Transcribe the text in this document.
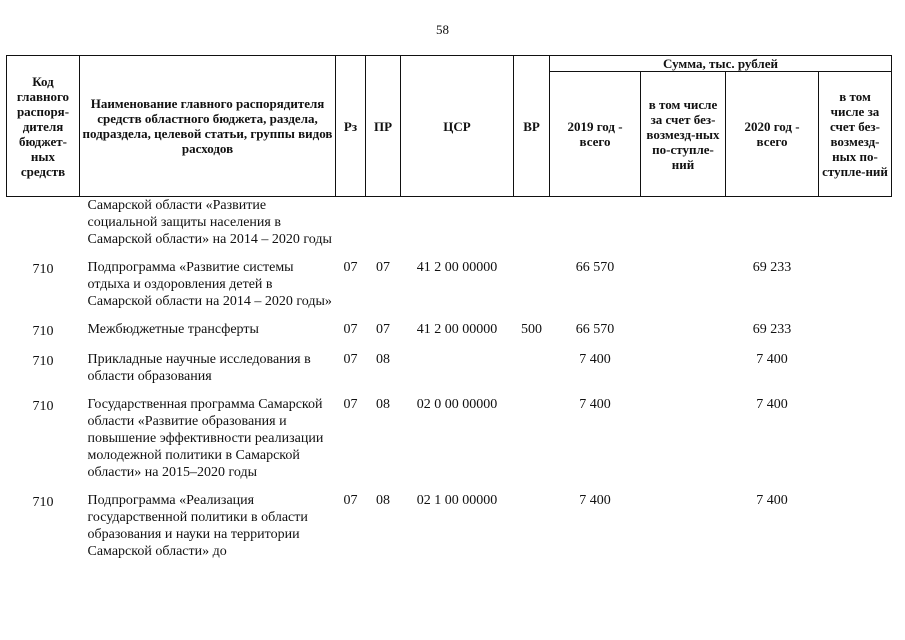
58
Код главного распоря-дителя бюджет-ных средств	Наименование главного распорядителя средств областного бюджета, раздела, подраздела, целевой статьи, группы видов расходов	Рз	ПР	ЦСР	ВР	Сумма, тыс. рублей			
						2019 год - всего	в том числе за счет без-возмезд-ных по-ступле-ний	2020 год - всего	в том числе за счет без-возмезд-ных по-ступле-ний
	Самарской области «Развитие социальной защиты населения в Самарской области» на 2014 – 2020 годы								
710	Подпрограмма «Развитие системы отдыха и оздоровления детей в Самарской области на 2014 – 2020 годы»	07	07	41 2 00 00000		66 570		69 233	
710	Межбюджетные трансферты	07	07	41 2 00 00000	500	66 570		69 233	
710	Прикладные научные исследования в области образования	07	08			7 400		7 400	
710	Государственная программа Самарской области «Развитие образования и повышение эффективности реализации молодежной политики в Самарской области» на 2015–2020 годы	07	08	02 0 00 00000		7 400		7 400	
710	Подпрограмма «Реализация государственной политики в области образования и науки на территории Самарской области» до	07	08	02 1 00 00000		7 400		7 400	
